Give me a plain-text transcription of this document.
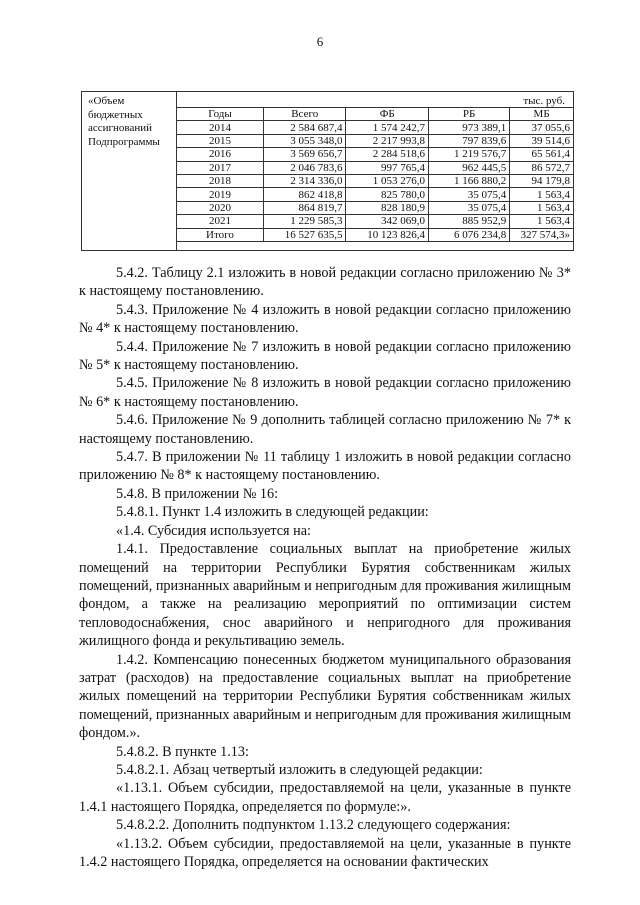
6
«Объем
бюджетных
ассигнований
Подпрограммы
тыс. руб.
Годы	Всего	ФБ	РБ	МБ
2014	2 584 687,4	1 574 242,7	973 389,1	37 055,6
2015	3 055 348,0	2 217 993,8	797 839,6	39 514,6
2016	3 569 656,7	2 284 518,6	1 219 576,7	65 561,4
2017	2 046 783,6	997 765,4	962 445,5	86 572,7
2018	2 314 336,0	1 053 276,0	1 166 880,2	94 179,8
2019	862 418,8	825 780,0	35 075,4	1 563,4
2020	864 819,7	828 180,9	35 075,4	1 563,4
2021	1 229 585,3	342 069,0	885 952,9	1 563,4
Итого	16 527 635,5	10 123 826,4	6 076 234,8	327 574,3»

5.4.2. Таблицу 2.1 изложить в новой редакции согласно приложению № 3* к настоящему постановлению.

5.4.3. Приложение № 4 изложить в новой редакции согласно приложению № 4* к настоящему постановлению.

5.4.4. Приложение № 7 изложить в новой редакции согласно приложению № 5* к настоящему постановлению.

5.4.5. Приложение № 8 изложить в новой редакции согласно приложению № 6* к настоящему постановлению.

5.4.6. Приложение № 9 дополнить таблицей согласно приложению № 7* к настоящему постановлению.

5.4.7. В приложении № 11 таблицу 1 изложить в новой редакции согласно приложению № 8* к настоящему постановлению.

5.4.8. В приложении № 16:

5.4.8.1. Пункт 1.4 изложить в следующей редакции:

«1.4. Субсидия используется на:

1.4.1. Предоставление социальных выплат на приобретение жилых помещений на территории Республики Бурятия собственникам жилых помещений, признанных аварийным и непригодным для проживания жилищным фондом, а также на реализацию мероприятий по оптимизации систем тепловодоснабжения, снос аварийного и непригодного для проживания жилищного фонда и рекультивацию земель.

1.4.2. Компенсацию понесенных бюджетом муниципального образования затрат (расходов) на предоставление социальных выплат на приобретение жилых помещений на территории Республики Бурятия собственникам жилых помещений, признанных аварийным и непригодным для проживания жилищным фондом.».

5.4.8.2. В пункте 1.13:

5.4.8.2.1. Абзац четвертый изложить в следующей редакции:

«1.13.1. Объем субсидии, предоставляемой на цели, указанные в пункте 1.4.1 настоящего Порядка, определяется по формуле:».

5.4.8.2.2. Дополнить подпунктом 1.13.2 следующего содержания:

«1.13.2. Объем субсидии, предоставляемой на цели, указанные в пункте 1.4.2 настоящего Порядка, определяется на основании фактических
